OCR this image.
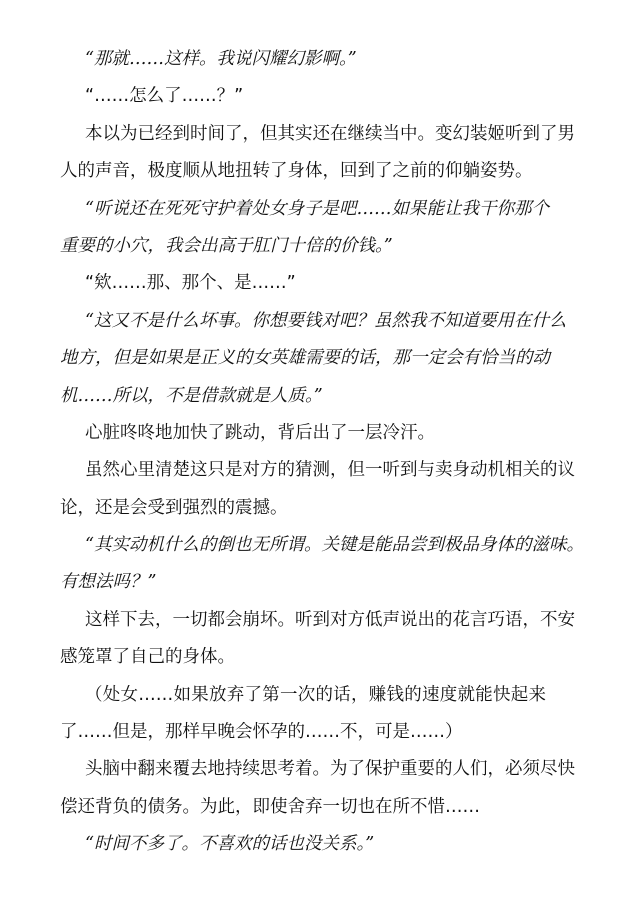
“那就……这样。我说闪耀幻影啊。”
“……怎么了……？”
本以为已经到时间了，但其实还在继续当中。变幻装姬听到了男
人的声音，极度顺从地扭转了身体，回到了之前的仰躺姿势。
“听说还在死死守护着处女身子是吧……如果能让我干你那个
重要的小穴，我会出高于肛门十倍的价钱。”
“欸……那、那个、是……”
“这又不是什么坏事。你想要钱对吧？虽然我不知道要用在什么
地方，但是如果是正义的女英雄需要的话，那一定会有恰当的动
机……所以，不是借款就是人质。”
心脏咚咚地加快了跳动，背后出了一层冷汗。
虽然心里清楚这只是对方的猜测，但一听到与卖身动机相关的议
论，还是会受到强烈的震撼。
“其实动机什么的倒也无所谓。关键是能品尝到极品身体的滋味。
有想法吗？”
这样下去，一切都会崩坏。听到对方低声说出的花言巧语，不安
感笼罩了自己的身体。
（处女……如果放弃了第一次的话，赚钱的速度就能快起来
了……但是，那样早晚会怀孕的……不，可是……）
头脑中翻来覆去地持续思考着。为了保护重要的人们，必须尽快
偿还背负的债务。为此，即使舍弃一切也在所不惜……
“时间不多了。不喜欢的话也没关系。”
